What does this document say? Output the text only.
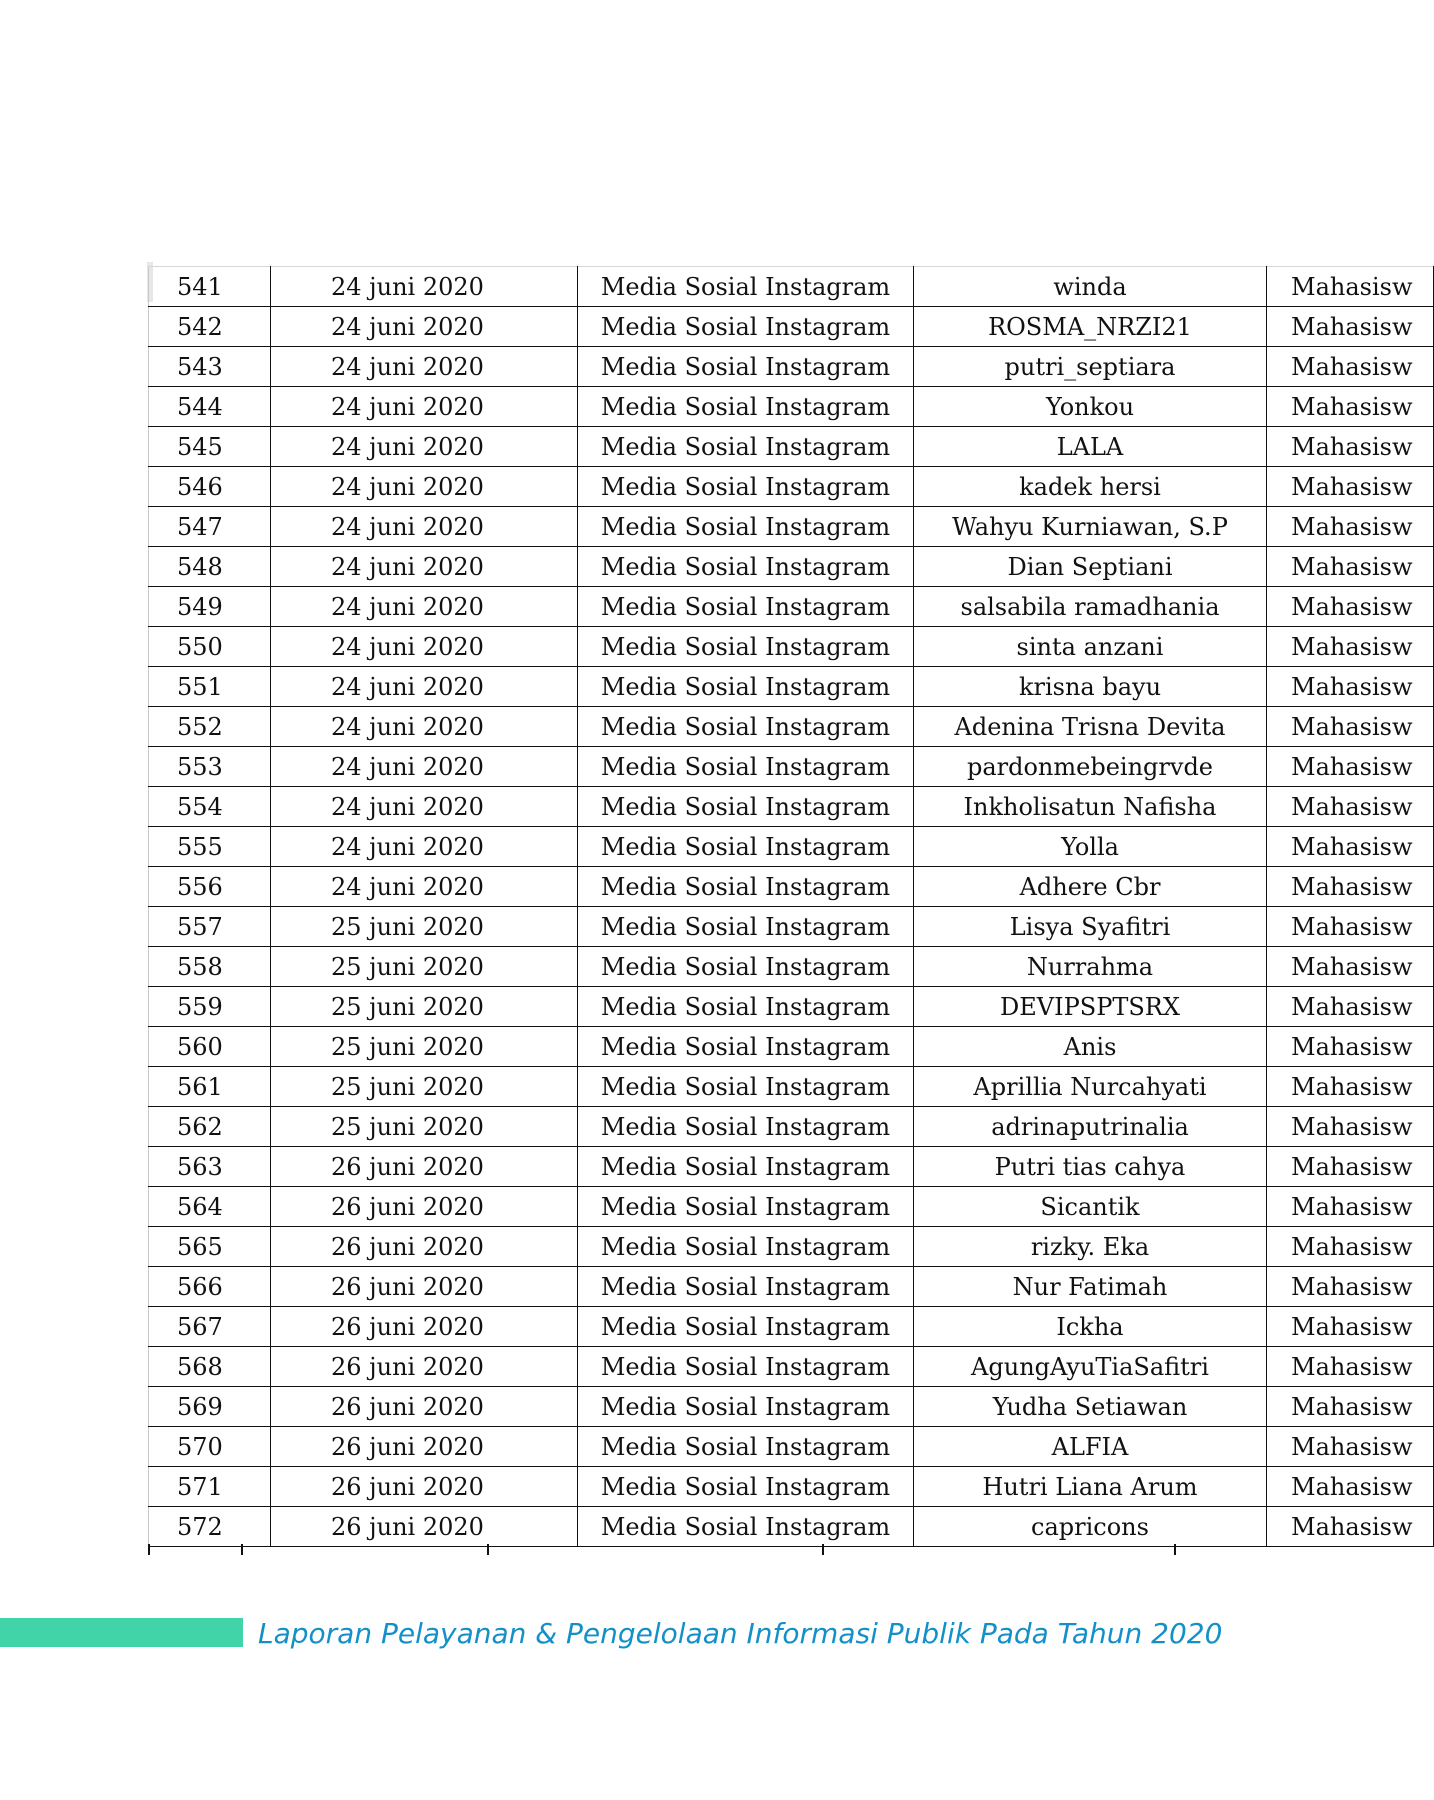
541	24 juni 2020	Media Sosial Instagram	winda	Mahasisw
542	24 juni 2020	Media Sosial Instagram	ROSMA_NRZI21	Mahasisw
543	24 juni 2020	Media Sosial Instagram	putri_septiara	Mahasisw
544	24 juni 2020	Media Sosial Instagram	Yonkou	Mahasisw
545	24 juni 2020	Media Sosial Instagram	LALA	Mahasisw
546	24 juni 2020	Media Sosial Instagram	kadek hersi	Mahasisw
547	24 juni 2020	Media Sosial Instagram	Wahyu Kurniawan, S.P	Mahasisw
548	24 juni 2020	Media Sosial Instagram	Dian Septiani	Mahasisw
549	24 juni 2020	Media Sosial Instagram	salsabila ramadhania	Mahasisw
550	24 juni 2020	Media Sosial Instagram	sinta anzani	Mahasisw
551	24 juni 2020	Media Sosial Instagram	krisna bayu	Mahasisw
552	24 juni 2020	Media Sosial Instagram	Adenina Trisna Devita	Mahasisw
553	24 juni 2020	Media Sosial Instagram	pardonmebeingrvde	Mahasisw
554	24 juni 2020	Media Sosial Instagram	Inkholisatun Nafisha	Mahasisw
555	24 juni 2020	Media Sosial Instagram	Yolla	Mahasisw
556	24 juni 2020	Media Sosial Instagram	Adhere Cbr	Mahasisw
557	25 juni 2020	Media Sosial Instagram	Lisya Syafitri	Mahasisw
558	25 juni 2020	Media Sosial Instagram	Nurrahma	Mahasisw
559	25 juni 2020	Media Sosial Instagram	DEVIPSPTSRX	Mahasisw
560	25 juni 2020	Media Sosial Instagram	Anis	Mahasisw
561	25 juni 2020	Media Sosial Instagram	Aprillia Nurcahyati	Mahasisw
562	25 juni 2020	Media Sosial Instagram	adrinaputrinalia	Mahasisw
563	26 juni 2020	Media Sosial Instagram	Putri tias cahya	Mahasisw
564	26 juni 2020	Media Sosial Instagram	Sicantik	Mahasisw
565	26 juni 2020	Media Sosial Instagram	rizky. Eka	Mahasisw
566	26 juni 2020	Media Sosial Instagram	Nur Fatimah	Mahasisw
567	26 juni 2020	Media Sosial Instagram	Ickha	Mahasisw
568	26 juni 2020	Media Sosial Instagram	AgungAyuTiaSafitri	Mahasisw
569	26 juni 2020	Media Sosial Instagram	Yudha Setiawan	Mahasisw
570	26 juni 2020	Media Sosial Instagram	ALFIA	Mahasisw
571	26 juni 2020	Media Sosial Instagram	Hutri Liana Arum	Mahasisw
572	26 juni 2020	Media Sosial Instagram	capricons	Mahasisw
Laporan Pelayanan & Pengelolaan Informasi Publik Pada Tahun 2020
